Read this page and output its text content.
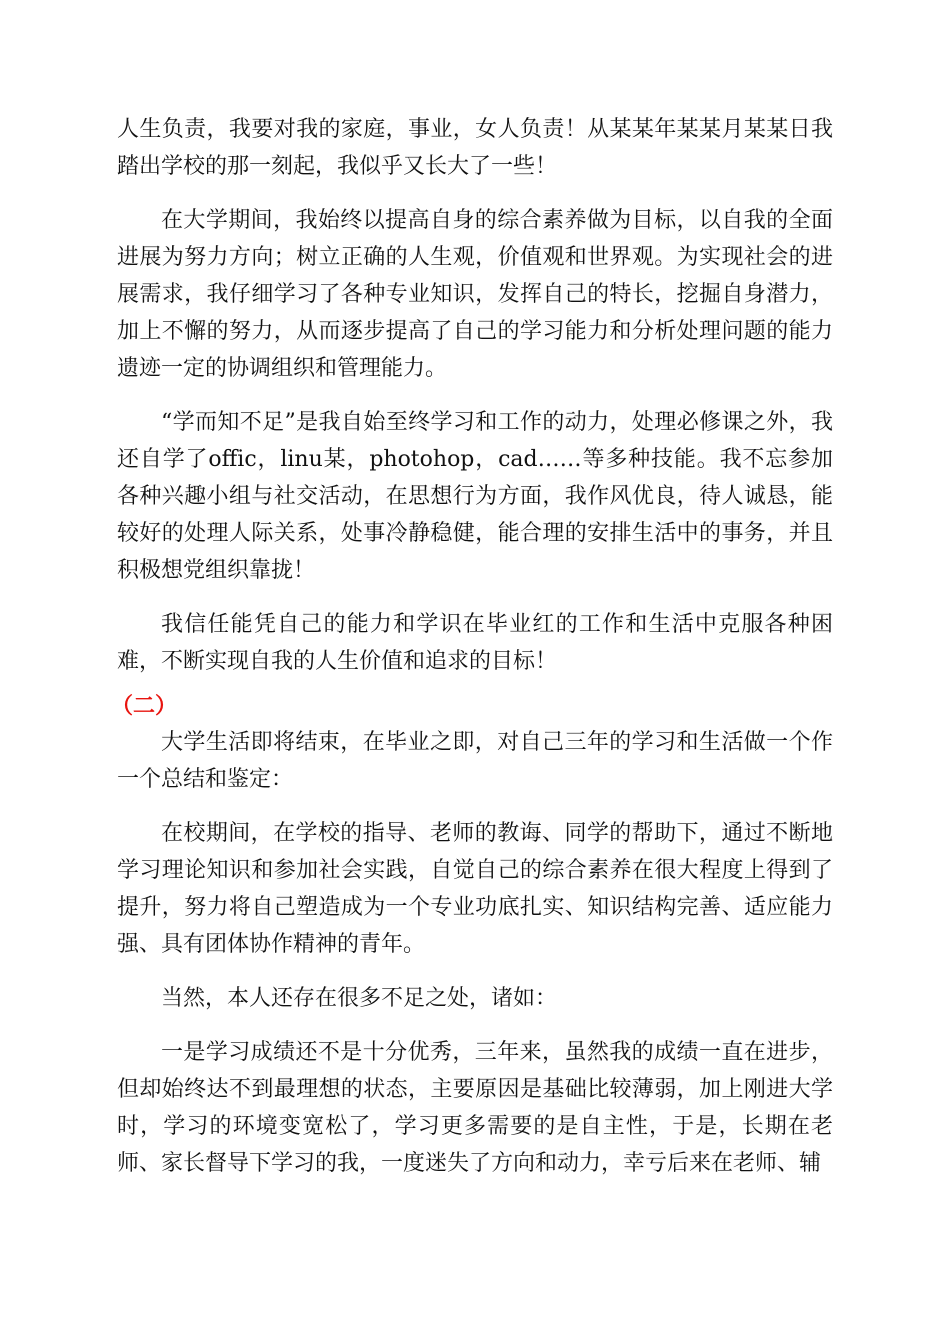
人生负责，我要对我的家庭，事业，女人负责！从某某年某某月某某日我踏出学校的那一刻起，我似乎又长大了一些！

在大学期间，我始终以提高自身的综合素养做为目标，以自我的全面进展为努力方向；树立正确的人生观，价值观和世界观。为实现社会的进展需求，我仔细学习了各种专业知识，发挥自己的特长，挖掘自身潜力，加上不懈的努力，从而逐步提高了自己的学习能力和分析处理问题的能力遗迹一定的协调组织和管理能力。

“学而知不足”是我自始至终学习和工作的动力，处理必修课之外，我还自学了offic，linu某，photohop，cad……等多种技能。我不忘参加各种兴趣小组与社交活动，在思想行为方面，我作风优良，待人诚恳，能较好的处理人际关系，处事冷静稳健，能合理的安排生活中的事务，并且积极想党组织靠拢！

我信任能凭自己的能力和学识在毕业红的工作和生活中克服各种困难，不断实现自我的人生价值和追求的目标！

（二）

大学生活即将结束，在毕业之即，对自己三年的学习和生活做一个作一个总结和鉴定：

在校期间，在学校的指导、老师的教诲、同学的帮助下，通过不断地学习理论知识和参加社会实践，自觉自己的综合素养在很大程度上得到了提升，努力将自己塑造成为一个专业功底扎实、知识结构完善、适应能力强、具有团体协作精神的青年。

当然，本人还存在很多不足之处，诸如：

一是学习成绩还不是十分优秀，三年来，虽然我的成绩一直在进步，但却始终达不到最理想的状态，主要原因是基础比较薄弱，加上刚进大学时，学习的环境变宽松了，学习更多需要的是自主性，于是，长期在老师、家长督导下学习的我，一度迷失了方向和动力，幸亏后来在老师、辅
